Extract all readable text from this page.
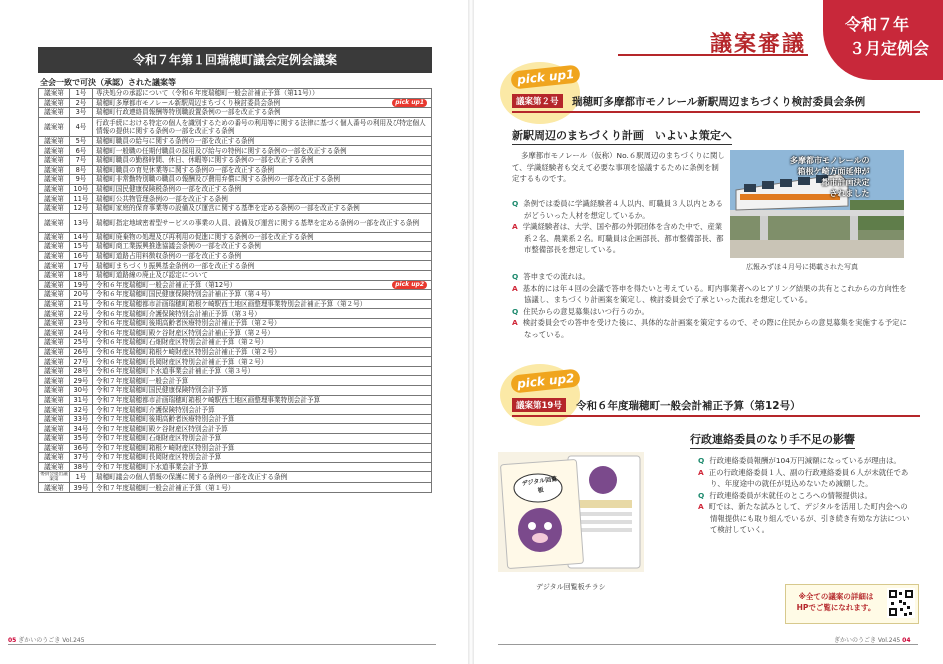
令和７年第１回瑞穂町議会定例会議案
全会一致で可決（承認）された議案等
議案第	1号	専決処分の承認について（令和６年度瑞穂町一般会計補正予算（第11号））
議案第	2号	瑞穂町多摩都市モノレール新駅周辺まちづくり検討委員会条例 pick up1

議案第	3号	瑞穂町行政連絡員報酬等特別職設置条例の一部を改正する条例
議案第	4号	行政手続における特定の個人を識別するための番号の利用等に関する法律に基づく個人番号の利用及び特定個人情報の提供に関する条例の一部を改正する条例
議案第	5号	瑞穂町職員の給与に関する条例の一部を改正する条例
議案第	6号	瑞穂町一般職の任期付職員の採用及び給与の特例に関する条例の一部を改正する条例
議案第	7号	瑞穂町職員の勤務時間、休日、休暇等に関する条例の一部を改正する条例
議案第	8号	瑞穂町職員の育児休業等に関する条例の一部を改正する条例
議案第	9号	瑞穂町非常勤特別職の職員の報酬及び費用弁償に関する条例の一部を改正する条例
議案第	10号	瑞穂町国民健康保険税条例の一部を改正する条例
議案第	11号	瑞穂町公共物管理条例の一部を改正する条例
議案第	12号	瑞穂町家庭的保育事業等の設備及び運営に関する基準を定める条例の一部を改正する条例
議案第	13号	瑞穂町指定地域密着型サービスの事業の人員、設備及び運営に関する基準を定める条例の一部を改正する条例
議案第	14号	瑞穂町廃棄物の処理及び再利用の促進に関する条例の一部を改正する条例
議案第	15号	瑞穂町商工業振興推進協議会条例の一部を改正する条例
議案第	16号	瑞穂町道路占用料徴収条例の一部を改正する条例
議案第	17号	瑞穂町まちづくり振興基金条例の一部を改正する条例
議案第	18号	瑞穂町道路線の廃止及び認定について
議案第	19号	令和６年度瑞穂町一般会計補正予算（第12号） pick up2

議案第	20号	令和６年度瑞穂町国民健康保険特別会計補正予算（第４号）
議案第	21号	令和６年度瑞穂都市計画瑞穂町箱根ケ崎駅西土地区画整理事業特別会計補正予算（第２号）
議案第	22号	令和６年度瑞穂町介護保険特別会計補正予算（第３号）
議案第	23号	令和６年度瑞穂町後期高齢者医療特別会計補正予算（第２号）
議案第	24号	令和６年度瑞穂町殿ケ谷財産区特別会計補正予算（第２号）
議案第	25号	令和６年度瑞穂町石畑財産区特別会計補正予算（第２号）
議案第	26号	令和６年度瑞穂町箱根ケ崎財産区特別会計補正予算（第２号）
議案第	27号	令和６年度瑞穂町長岡財産区特別会計補正予算（第２号）
議案第	28号	令和６年度瑞穂町下水道事業会計補正予算（第３号）
議案第	29号	令和７年度瑞穂町一般会計予算
議案第	30号	令和７年度瑞穂町国民健康保険特別会計予算
議案第	31号	令和７年度瑞穂都市計画瑞穂町箱根ケ崎駅西土地区画整理事業特別会計予算
議案第	32号	令和７年度瑞穂町介護保険特別会計予算
議案第	33号	令和７年度瑞穂町後期高齢者医療特別会計予算
議案第	34号	令和７年度瑞穂町殿ケ谷財産区特別会計予算
議案第	35号	令和７年度瑞穂町石畑財産区特別会計予算
議案第	36号	令和７年度瑞穂町箱根ケ崎財産区特別会計予算
議案第	37号	令和７年度瑞穂町長岡財産区特別会計予算
議案第	38号	令和７年度瑞穂町下水道事業会計予算
委員会提出議案第	1号	瑞穂町議会の個人情報の保護に関する条例の一部を改正する条例
議案第	39号	令和７年度瑞穂町一般会計補正予算（第１号）
05 ぎかいのうごき Vol.245
議案審議
令和７年
３月定例会
pick up1
議案第２号	瑞穂町多摩都市モノレール新駅周辺まちづくり検討委員会条例
新駅周辺のまちづくり計画　いよいよ策定へ
多摩都市モノレール（仮称）No.６駅周辺のまちづくりに関して、学識経験者も交えて必要な事項を協議するために条例を制定するものです。
多摩都市モノレールの
箱根ケ崎方面延伸が
都市計画決定
されました
広報みずほ４月号に掲載された写真

Q 条例では委員に学識経験者４人以内、町職員３人以内とあるがどういった人材を想定しているか。

A 学識経験者は、大学、国や都の外郭団体を含めた中で、産業系２名、農業系２名。町職員は企画部長、都市整備部長、都市整備部長を想定している。

Q 答申までの流れは。

A 基本的には年４回の会議で答申を得たいと考えている。町内事業者へのヒアリング結果の共有とこれからの方向性を協議し、まちづくり計画案を策定し、検討委員会で了承といった流れを想定している。

Q 住民からの意見募集はいつ行うのか。

A 検討委員会での答申を受けた後に、具体的な計画案を策定するので、その際に住民からの意見募集を実施する予定になっている。

pick up2
議案第19号	令和６年度瑞穂町一般会計補正予算（第12号）
デジタル回覧板
デジタル回覧板チラシ
行政連絡委員のなり手不足の影響

Q 行政連絡委員報酬が104万円減額になっているが理由は。

A 正の行政連絡委員１人、副の行政連絡委員６人が未就任であり、年度途中の就任が見込めないため減額した。

Q 行政連絡委員が未就任のところへの情報提供は。

A 町では、新たな試みとして、デジタルを活用した町内会への情報提供にも取り組んでいるが、引き続き有効な方法について検討していく。

※全ての議案の詳細は
HPでご覧になれます。
ぎかいのうごき Vol.245 04
